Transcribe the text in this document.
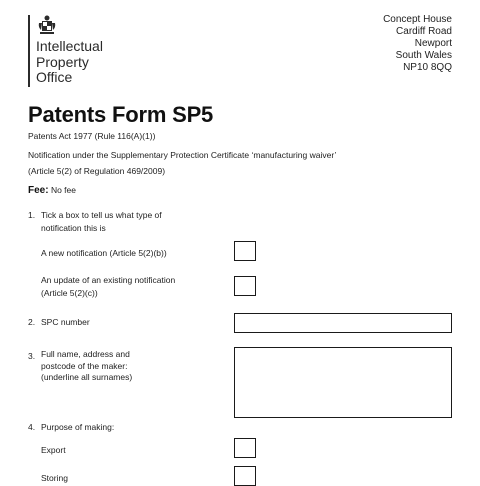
Intellectual
Property
Office
Concept House
Cardiff Road
Newport
South Wales
NP10 8QQ
Patents Form SP5
Patents Act 1977 (Rule 116(A)(1))
Notification under the Supplementary Protection Certificate ‘manufacturing waiver’
(Article 5(2) of Regulation 469/2009)
Fee: No fee
1. Tick a box to tell us what type of
notification this is
A new notification (Article 5(2)(b))
An update of an existing notification
(Article 5(2)(c))
2. SPC number
3. Full name, address and
postcode of the maker:
(underline all surnames)
4. Purpose of making:
Export
Storing
